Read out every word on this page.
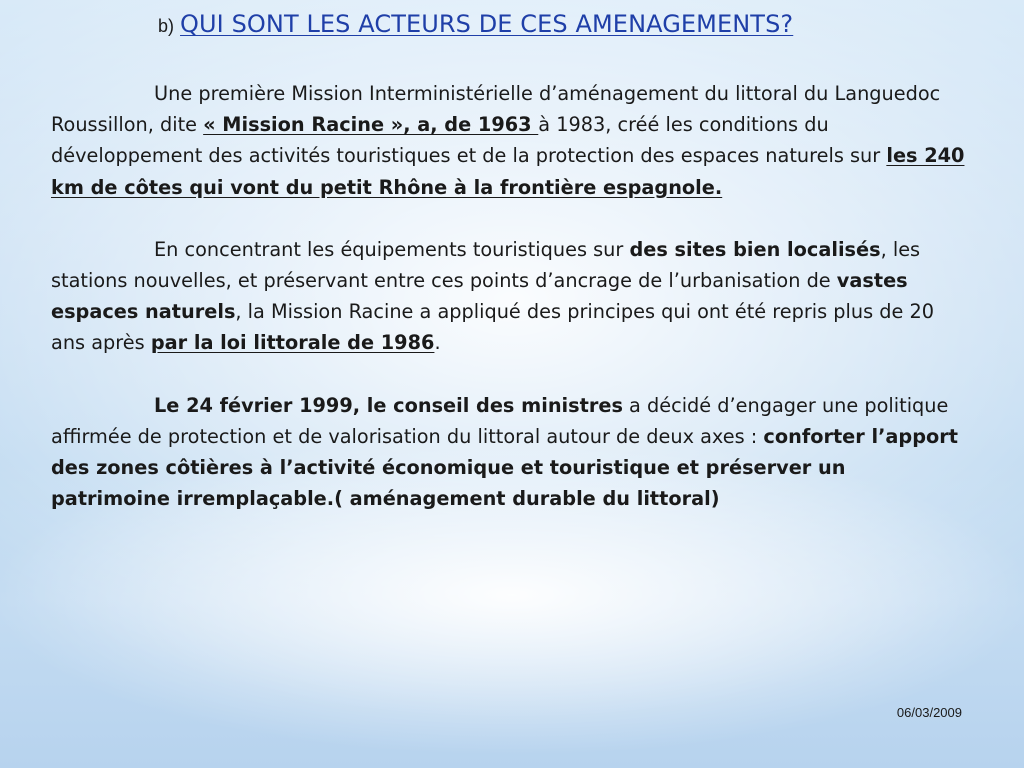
b) QUI SONT LES ACTEURS DE CES AMENAGEMENTS?

Une première Mission Interministérielle d’aménagement du littoral du Languedoc Roussillon, dite « Mission Racine », a, de 1963 à 1983, créé les conditions du développement des activités touristiques et de la protection des espaces naturels sur les 240 km de côtes qui vont du petit Rhône à la frontière espagnole.

En concentrant les équipements touristiques sur des sites bien localisés, les stations nouvelles, et préservant entre ces points d’ancrage de l’urbanisation de vastes espaces naturels, la Mission Racine a appliqué des principes qui ont été repris plus de 20 ans après par la loi littorale de 1986.

Le 24 février 1999, le conseil des ministres a décidé d’engager une politique affirmée de protection et de valorisation du littoral autour de deux axes : conforter l’apport des zones côtières à l’activité économique et touristique et préserver un patrimoine irremplaçable.( aménagement durable du littoral)

06/03/2009
